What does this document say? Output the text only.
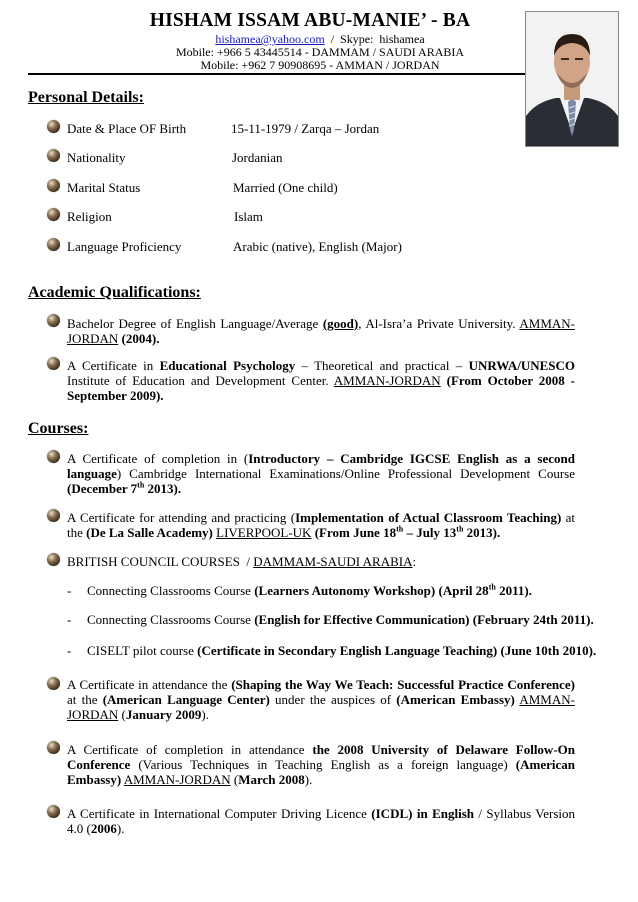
HISHAM ISSAM ABU-MANIE’ - BA
hishamea@yahoo.com  /  Skype:  hishamea
Mobile: +966 5 43445514 - DAMMAM / SAUDI ARABIA
Mobile: +962 7 90908695 - AMMAN / JORDAN
Personal Details:
Date & Place OF Birth	15-11-1979 / Zarqa – Jordan
Nationality	Jordanian
Marital Status	Married (One child)
Religion	Islam
Language Proficiency	Arabic (native), English (Major)
Academic Qualifications:
Bachelor Degree of English Language/Average (good), Al-Isra’a Private University. AMMAN-JORDAN (2004).
A Certificate in Educational Psychology – Theoretical and practical – UNRWA/UNESCO Institute of Education and Development Center. AMMAN-JORDAN (From October 2008 - September 2009).
Courses:
A Certificate of completion in (Introductory – Cambridge IGCSE English as a second language) Cambridge International Examinations/Online Professional Development Course (December 7th 2013).
A Certificate for attending and practicing (Implementation of Actual Classroom Teaching) at the (De La Salle Academy) LIVERPOOL-UK (From June 18th – July 13th 2013).
BRITISH COUNCIL COURSES  / DAMMAM-SAUDI ARABIA:
- Connecting Classrooms Course (Learners Autonomy Workshop) (April 28th 2011).
- Connecting Classrooms Course (English for Effective Communication) (February 24th 2011).
- CISELT pilot course (Certificate in Secondary English Language Teaching) (June 10th 2010).
A Certificate in attendance the (Shaping the Way We Teach: Successful Practice Conference) at the (American Language Center) under the auspices of (American Embassy) AMMAN-JORDAN (January 2009).
A Certificate of completion in attendance the 2008 University of Delaware Follow-On Conference (Various Techniques in Teaching English as a foreign language) (American Embassy) AMMAN-JORDAN (March 2008).
A Certificate in International Computer Driving Licence (ICDL) in English / Syllabus Version 4.0 (2006).
